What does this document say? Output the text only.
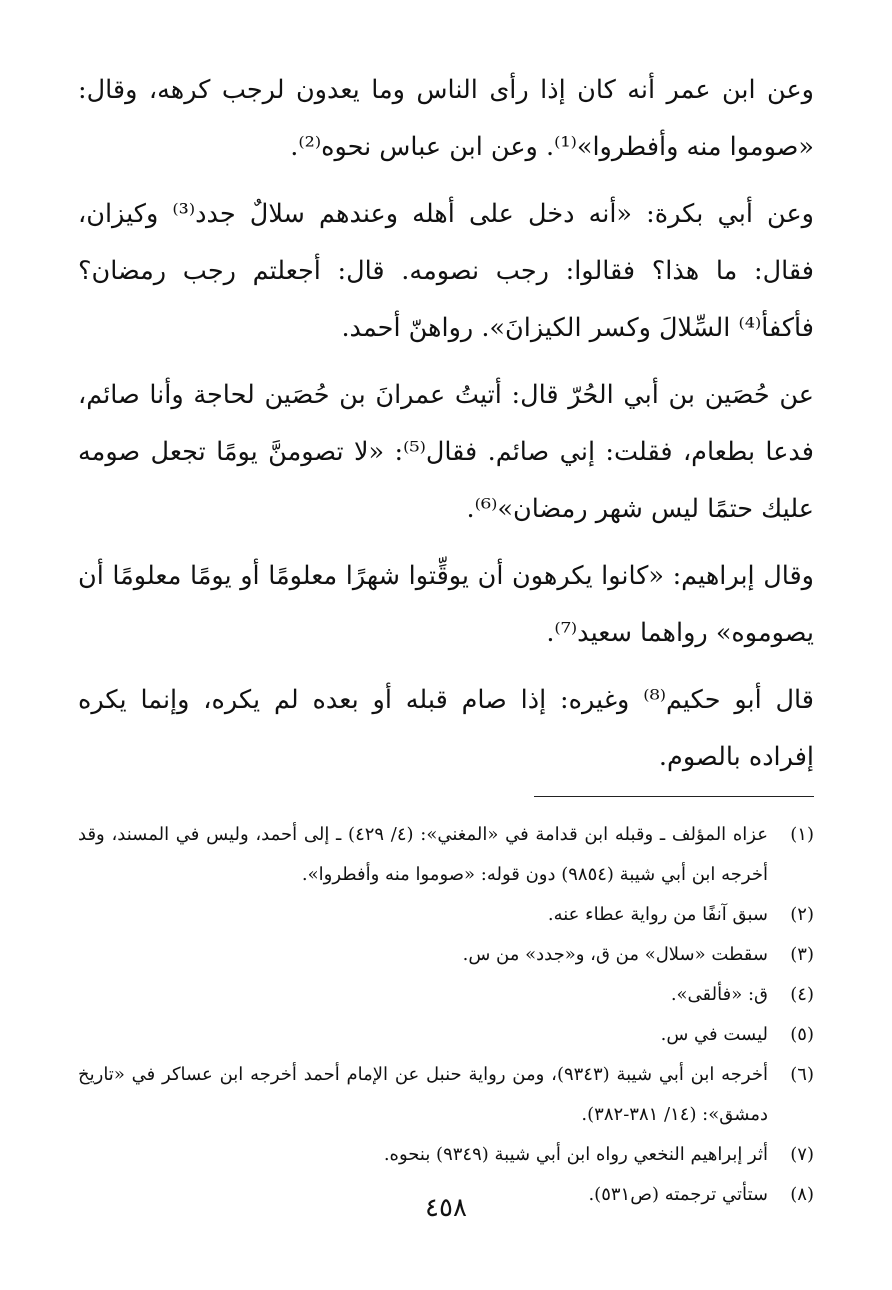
وعن ابن عمر أنه كان إذا رأى الناس وما يعدون لرجب كرهه، وقال: «صوموا منه وأفطروا»⁽¹⁾. وعن ابن عباس نحوه⁽²⁾.

وعن أبي بكرة: «أنه دخل على أهله وعندهم سلالٌ جدد⁽³⁾ وكيزان، فقال: ما هذا؟ فقالوا: رجب نصومه. قال: أجعلتم رجب رمضان؟ فأكفأ⁽⁴⁾ السِّلالَ وكسر الكيزانَ». رواهنّ أحمد.

عن حُصَين بن أبي الحُرّ قال: أتيتُ عمرانَ بن حُصَين لحاجة وأنا صائم، فدعا بطعام، فقلت: إني صائم. فقال⁽⁵⁾: «لا تصومنَّ يومًا تجعل صومه عليك حتمًا ليس شهر رمضان»⁽⁶⁾.

وقال إبراهيم: «كانوا يكرهون أن يوقِّتوا شهرًا معلومًا أو يومًا معلومًا أن يصوموه» رواهما سعيد⁽⁷⁾.

قال أبو حكيم⁽⁸⁾ وغيره: إذا صام قبله أو بعده لم يكره، وإنما يكره إفراده بالصوم.

(١)
عزاه المؤلف ـ وقبله ابن قدامة في «المغني»: (٤/ ٤٢٩) ـ إلى أحمد، وليس في المسند، وقد أخرجه ابن أبي شيبة (٩٨٥٤) دون قوله: «صوموا منه وأفطروا».
(٢)
سبق آنفًا من رواية عطاء عنه.
(٣)
سقطت «سلال» من ق، و«جدد» من س.
(٤)
ق: «فألقى».
(٥)
ليست في س.
(٦)
أخرجه ابن أبي شيبة (٩٣٤٣)، ومن رواية حنبل عن الإمام أحمد أخرجه ابن عساكر في «تاريخ دمشق»: (١٤/ ٣٨١-٣٨٢).
(٧)
أثر إبراهيم النخعي رواه ابن أبي شيبة (٩٣٤٩) بنحوه.
(٨)
ستأتي ترجمته (ص٥٣١).
٤٥٨
